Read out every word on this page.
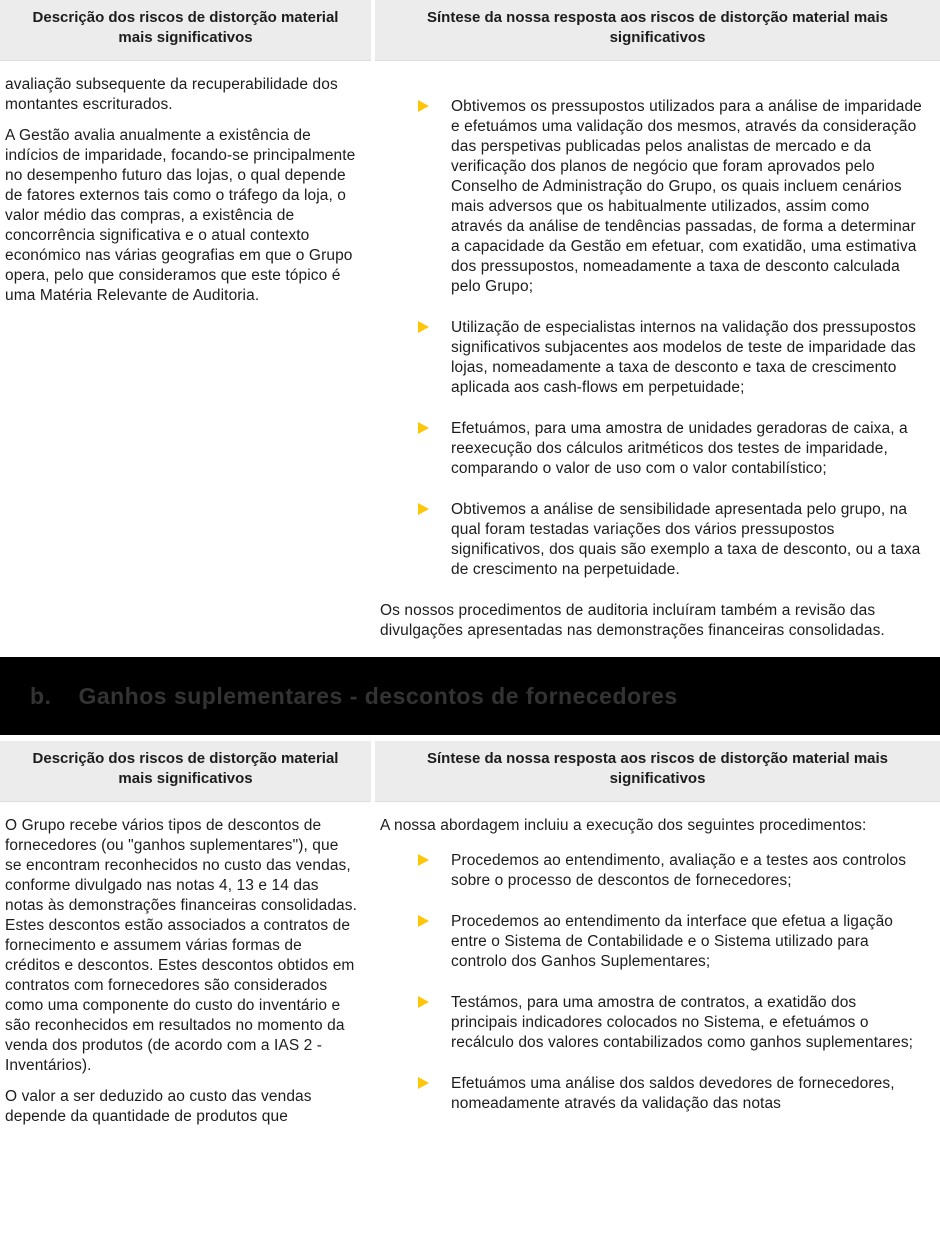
Descrição dos riscos de distorção material mais significativos
Síntese da nossa resposta aos riscos de distorção material mais significativos

avaliação subsequente da recuperabilidade dos montantes escriturados.

A Gestão avalia anualmente a existência de indícios de imparidade, focando-se principalmente no desempenho futuro das lojas, o qual depende de fatores externos tais como o tráfego da loja, o valor médio das compras, a existência de concorrência significativa e o atual contexto económico nas várias geografias em que o Grupo opera, pelo que consideramos que este tópico é uma Matéria Relevante de Auditoria.

Obtivemos os pressupostos utilizados para a análise de imparidade e efetuámos uma validação dos mesmos, através da consideração das perspetivas publicadas pelos analistas de mercado e da verificação dos planos de negócio que foram aprovados pelo Conselho de Administração do Grupo, os quais incluem cenários mais adversos que os habitualmente utilizados, assim como através da análise de tendências passadas, de forma a determinar a capacidade da Gestão em efetuar, com exatidão, uma estimativa dos pressupostos, nomeadamente a taxa de desconto calculada pelo Grupo;
Utilização de especialistas internos na validação dos pressupostos significativos subjacentes aos modelos de teste de imparidade das lojas, nomeadamente a taxa de desconto e taxa de crescimento aplicada aos cash-flows em perpetuidade;
Efetuámos, para uma amostra de unidades geradoras de caixa, a reexecução dos cálculos aritméticos dos testes de imparidade, comparando o valor de uso com o valor contabilístico;
Obtivemos a análise de sensibilidade apresentada pelo grupo, na qual foram testadas variações dos vários pressupostos significativos, dos quais são exemplo a taxa de desconto, ou a taxa de crescimento na perpetuidade.

Os nossos procedimentos de auditoria incluíram também a revisão das divulgações apresentadas nas demonstrações financeiras consolidadas.

b. Ganhos suplementares - descontos de fornecedores
Descrição dos riscos de distorção material mais significativos
Síntese da nossa resposta aos riscos de distorção material mais significativos

O Grupo recebe vários tipos de descontos de fornecedores (ou "ganhos suplementares"), que se encontram reconhecidos no custo das vendas, conforme divulgado nas notas 4, 13 e 14 das notas às demonstrações financeiras consolidadas. Estes descontos estão associados a contratos de fornecimento e assumem várias formas de créditos e descontos. Estes descontos obtidos em contratos com fornecedores são considerados como uma componente do custo do inventário e são reconhecidos em resultados no momento da venda dos produtos (de acordo com a IAS 2 - Inventários).

O valor a ser deduzido ao custo das vendas depende da quantidade de produtos que

A nossa abordagem incluiu a execução dos seguintes procedimentos:

Procedemos ao entendimento, avaliação e a testes aos controlos sobre o processo de descontos de fornecedores;
Procedemos ao entendimento da interface que efetua a ligação entre o Sistema de Contabilidade e o Sistema utilizado para controlo dos Ganhos Suplementares;
Testámos, para uma amostra de contratos, a exatidão dos principais indicadores colocados no Sistema, e efetuámos o recálculo dos valores contabilizados como ganhos suplementares;
Efetuámos uma análise dos saldos devedores de fornecedores, nomeadamente através da validação das notas
